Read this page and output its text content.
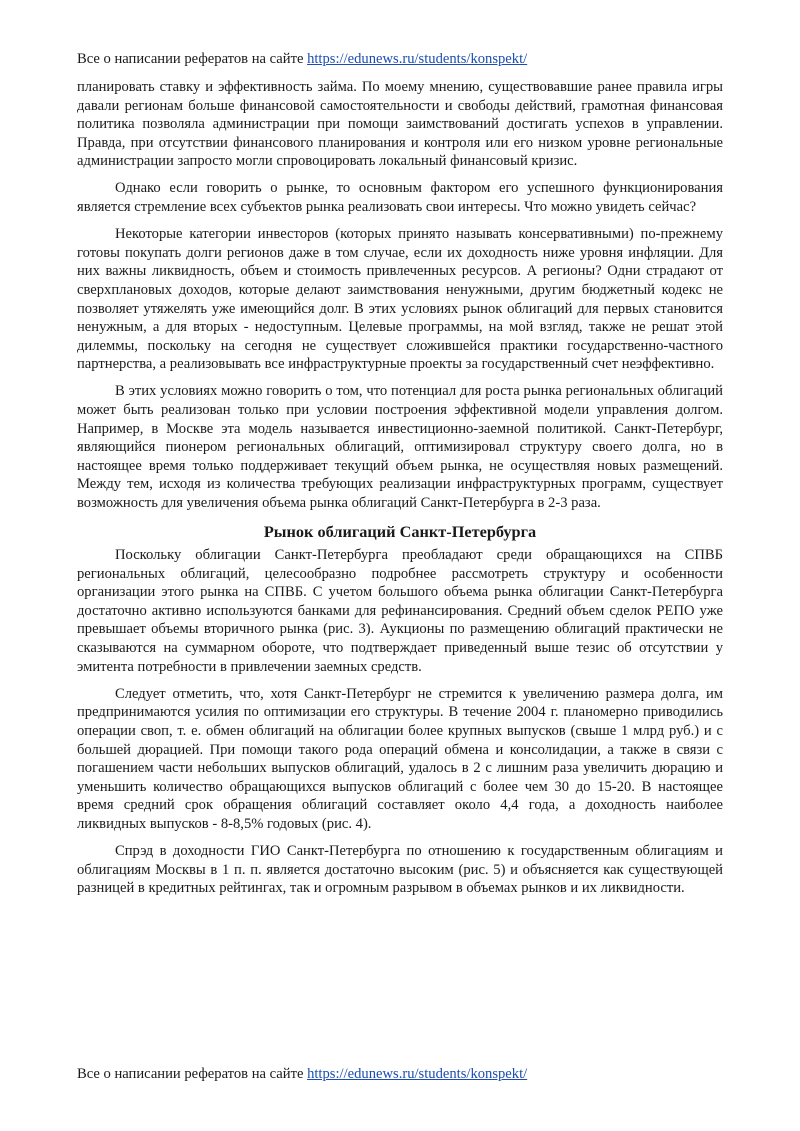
Все о написании рефератов на сайте https://edunews.ru/students/konspekt/

планировать ставку и эффективность займа. По моему мнению, существовавшие ранее правила игры давали регионам больше финансовой самостоятельности и свободы действий, грамотная финансовая политика позволяла администрации при помощи заимствований достигать успехов в управлении. Правда, при отсутствии финансового планирования и контроля или его низком уровне региональные администрации запросто могли спровоцировать локальный финансовый кризис.

Однако если говорить о рынке, то основным фактором его успешного функционирования является стремление всех субъектов рынка реализовать свои интересы. Что можно увидеть сейчас?

Некоторые категории инвесторов (которых принято называть консервативными) по-прежнему готовы покупать долги регионов даже в том случае, если их доходность ниже уровня инфляции. Для них важны ликвидность, объем и стоимость привлеченных ресурсов. А регионы? Одни страдают от сверхплановых доходов, которые делают заимствования ненужными, другим бюджетный кодекс не позволяет утяжелять уже имеющийся долг. В этих условиях рынок облигаций для первых становится ненужным, а для вторых - недоступным. Целевые программы, на мой взгляд, также не решат этой дилеммы, поскольку на сегодня не существует сложившейся практики государственно-частного партнерства, а реализовывать все инфраструктурные проекты за государственный счет неэффективно.

В этих условиях можно говорить о том, что потенциал для роста рынка региональных облигаций может быть реализован только при условии построения эффективной модели управления долгом. Например, в Москве эта модель называется инвестиционно-заемной политикой. Санкт-Петербург, являющийся пионером региональных облигаций, оптимизировал структуру своего долга, но в настоящее время только поддерживает текущий объем рынка, не осуществляя новых размещений. Между тем, исходя из количества требующих реализации инфраструктурных программ, существует возможность для увеличения объема рынка облигаций Санкт-Петербурга в 2-3 раза.

Рынок облигаций Санкт-Петербурга

Поскольку облигации Санкт-Петербурга преобладают среди обращающихся на СПВБ региональных облигаций, целесообразно подробнее рассмотреть структуру и особенности организации этого рынка на СПВБ. С учетом большого объема рынка облигации Санкт-Петербурга достаточно активно используются банками для рефинансирования. Средний объем сделок РЕПО уже превышает объемы вторичного рынка (рис. 3). Аукционы по размещению облигаций практически не сказываются на суммарном обороте, что подтверждает приведенный выше тезис об отсутствии у эмитента потребности в привлечении заемных средств.

Следует отметить, что, хотя Санкт-Петербург не стремится к увеличению размера долга, им предпринимаются усилия по оптимизации его структуры. В течение 2004 г. планомерно приводились операции своп, т. е. обмен облигаций на облигации более крупных выпусков (свыше 1 млрд руб.) и с большей дюрацией. При помощи такого рода операций обмена и консолидации, а также в связи с погашением части небольших выпусков облигаций, удалось в 2 с лишним раза увеличить дюрацию и уменьшить количество обращающихся выпусков облигаций с более чем 30 до 15-20. В настоящее время средний срок обращения облигаций составляет около 4,4 года, а доходность наиболее ликвидных выпусков - 8-8,5% годовых (рис. 4).

Спрэд в доходности ГИО Санкт-Петербурга по отношению к государственным облигациям и облигациям Москвы в 1 п. п. является достаточно высоким (рис. 5) и объясняется как существующей разницей в кредитных рейтингах, так и огромным разрывом в объемах рынков и их ликвидности.

Все о написании рефератов на сайте https://edunews.ru/students/konspekt/
